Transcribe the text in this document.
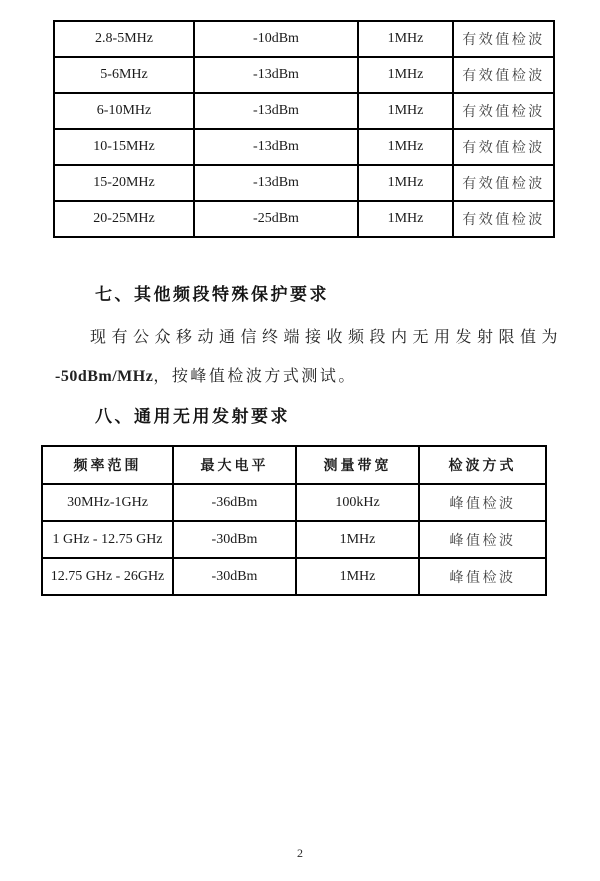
2.8-5MHz	-10dBm	1MHz	有效值检波
5-6MHz	-13dBm	1MHz	有效值检波
6-10MHz	-13dBm	1MHz	有效值检波
10-15MHz	-13dBm	1MHz	有效值检波
15-20MHz	-13dBm	1MHz	有效值检波
20-25MHz	-25dBm	1MHz	有效值检波
七、其他频段特殊保护要求
现有公众移动通信终端接收频段内无用发射限值为
-50dBm/MHz，按峰值检波方式测试。
八、通用无用发射要求
频率范围	最大电平	测量带宽	检波方式
30MHz-1GHz	-36dBm	100kHz	峰值检波
1 GHz - 12.75 GHz	-30dBm	1MHz	峰值检波
12.75 GHz - 26GHz	-30dBm	1MHz	峰值检波
2
